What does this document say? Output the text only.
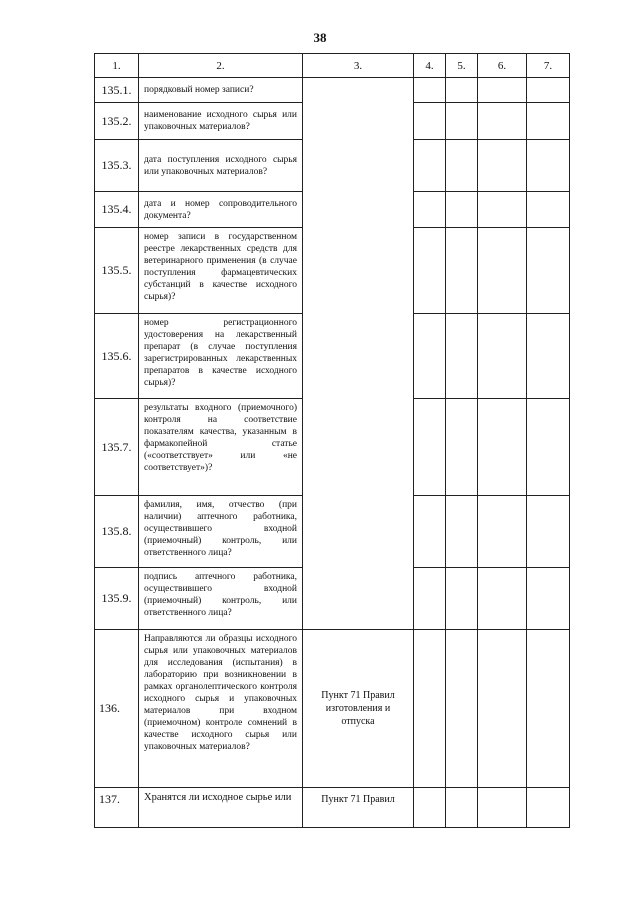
38
1.	2.	3.	4.	5.	6.	7.
135.1.	порядковый номер записи?					
135.2.	наименование исходного сырья или упаковочных материалов?					
135.3.	дата поступления исходного сырья или упаковочных материалов?					
135.4.	дата и номер сопроводительного документа?					
135.5.	номер записи в государственном реестре лекарственных средств для ветеринарного применения (в случае поступления фармацевтических субстанций в качестве исходного сырья)?					
135.6.	номер регистрационного удостоверения на лекарственный препарат (в случае поступления зарегистрированных лекарственных препаратов в качестве исходного сырья)?					
135.7.	результаты входного (приемочного) контроля на соответствие показателям качества, указанным в фармакопейной статье («соответствует» или «не соответствует»)?					
135.8.	фамилия, имя, отчество (при наличии) аптечного работника, осуществившего входной (приемочный) контроль, или ответственного лица?					
135.9.	подпись аптечного работника, осуществившего входной (приемочный) контроль, или ответственного лица?					
136.	Направляются ли образцы исходного сырья или упаковочных материалов для исследования (испытания) в лабораторию при возникновении в рамках органолептического контроля исходного сырья и упаковочных материалов при входном (приемочном) контроле сомнений в качестве исходного сырья или упаковочных материалов?	Пункт 71 Правил изготовления и отпуска				
137.	Хранятся ли исходное сырье или	Пункт 71 Правил				
